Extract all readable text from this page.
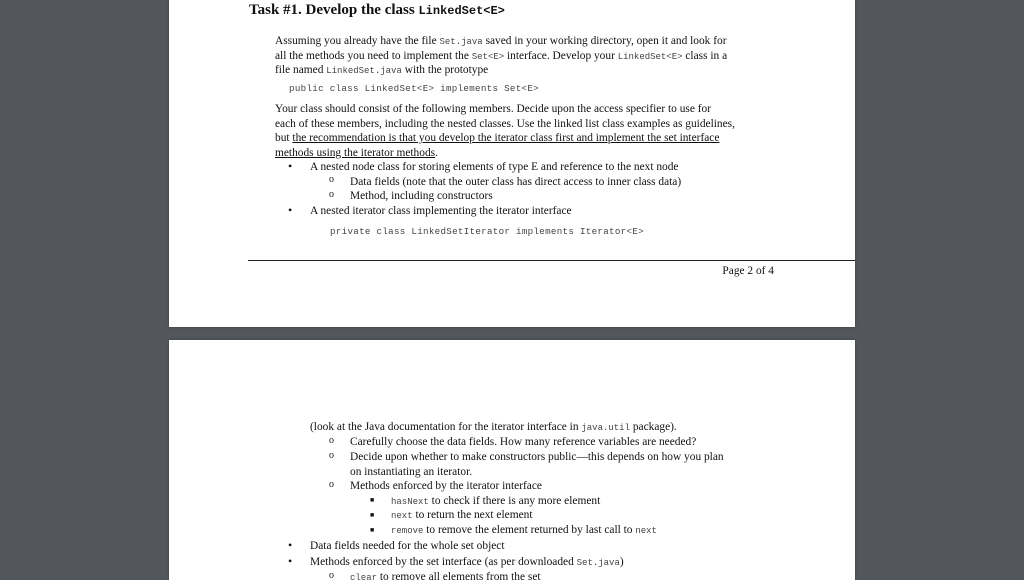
Task #1. Develop the class LinkedSet<E>
Assuming you already have the file Set.java saved in your working directory, open it and look for
all the methods you need to implement the Set<E> interface. Develop your LinkedSet<E> class in a
file named LinkedSet.java with the prototype
public class LinkedSet<E> implements Set<E>
Your class should consist of the following members. Decide upon the access specifier to use for
each of these members, including the nested classes. Use the linked list class examples as guidelines,
but the recommendation is that you develop the iterator class first and implement the set interface
methods using the iterator methods.
• A nested node class for storing elements of type E and reference to the next node
o Data fields (note that the outer class has direct access to inner class data)
o Method, including constructors
• A nested iterator class implementing the iterator interface
private class LinkedSetIterator implements Iterator<E>
Page 2 of 4
(look at the Java documentation for the iterator interface in java.util package).
o Carefully choose the data fields. How many reference variables are needed?
o Decide upon whether to make constructors public—this depends on how you plan
on instantiating an iterator.
o Methods enforced by the iterator interface
■ hasNext to check if there is any more element
■ next to return the next element
■ remove to remove the element returned by last call to next
• Data fields needed for the whole set object
• Methods enforced by the set interface (as per downloaded Set.java)
o clear to remove all elements from the set
